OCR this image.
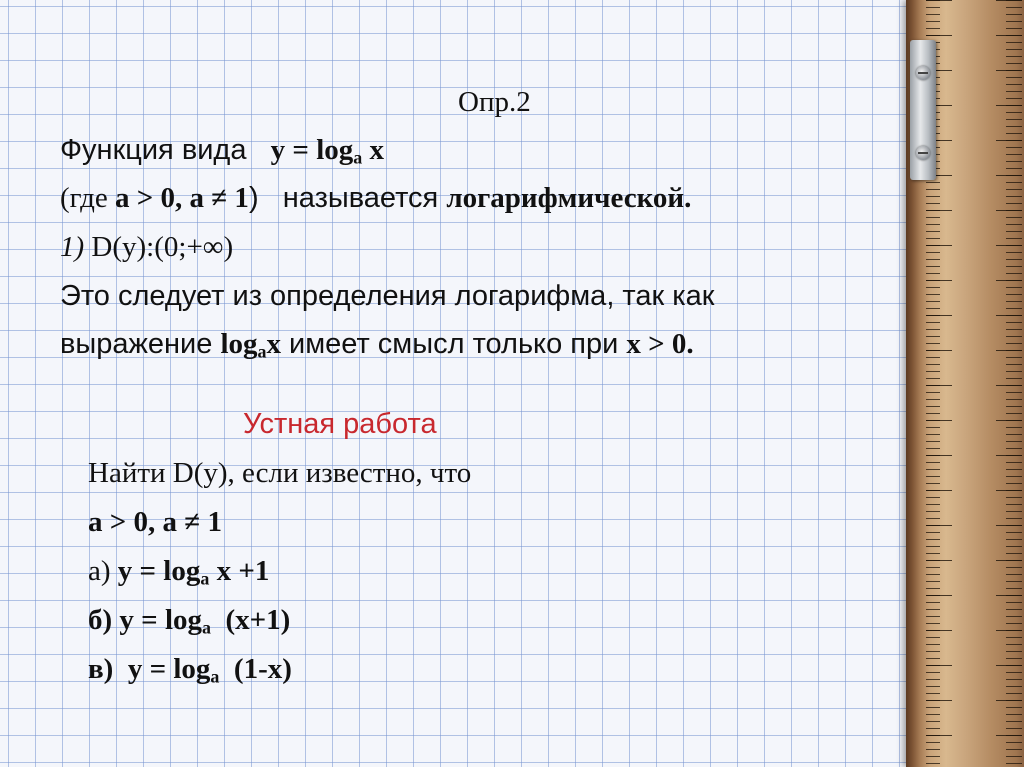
Опр.2
Функция вида   $y = \log_a x$
(где a > 0, a ≠ 1)   называется логарифмической.
1) D(y):(0;+∞)
Это следует из определения логарифма, так как
выражение $\log_ax$ имеет смысл только при x > 0.
Устная работа
Найти D(y), если известно, что
a > 0, a ≠ 1
а) $y = \log_a x +1$
б) $y = \log_a (x+1)$
в)  $y = \log_a (1-x)$
